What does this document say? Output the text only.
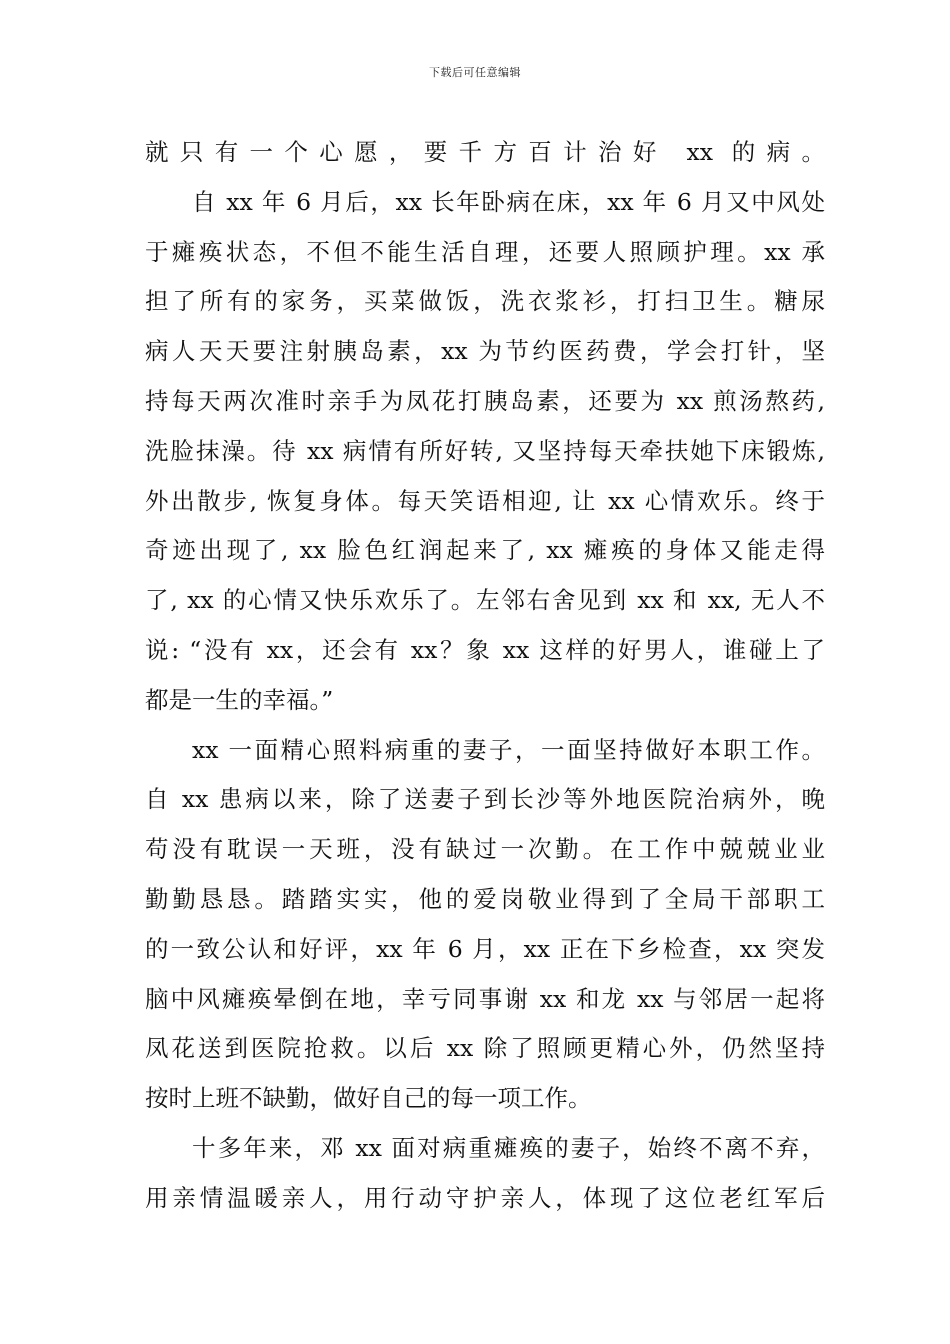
下载后可任意编辑
就只有一个心愿，要千方百计治好 xx 的病。
自 xx 年 6 月后，xx 长年卧病在床，xx 年 6 月又中风处
于瘫痪状态，不但不能生活自理，还要人照顾护理。xx 承
担了所有的家务，买菜做饭，洗衣浆衫，打扫卫生。糖尿
病人天天要注射胰岛素，xx 为节约医药费，学会打针，坚
持每天两次准时亲手为凤花打胰岛素，还要为 xx 煎汤熬药,
洗脸抹澡。待 xx 病情有所好转, 又坚持每天牵扶她下床锻炼,
外出散步, 恢复身体。每天笑语相迎, 让 xx 心情欢乐。终于
奇迹出现了, xx 脸色红润起来了, xx 瘫痪的身体又能走得
了, xx 的心情又快乐欢乐了。左邻右舍见到 xx 和 xx, 无人不
说: “没有 xx，还会有 xx？象 xx 这样的好男人，谁碰上了
都是一生的幸福。”
xx 一面精心照料病重的妻子，一面坚持做好本职工作。
自 xx 患病以来，除了送妻子到长沙等外地医院治病外，晚
苟没有耽误一天班，没有缺过一次勤。在工作中兢兢业业
勤勤恳恳。踏踏实实，他的爱岗敬业得到了全局干部职工
的一致公认和好评，xx 年 6 月，xx 正在下乡检查，xx 突发
脑中风瘫痪晕倒在地，幸亏同事谢 xx 和龙 xx 与邻居一起将
凤花送到医院抢救。以后 xx 除了照顾更精心外，仍然坚持
按时上班不缺勤，做好自己的每一项工作。
十多年来，邓 xx 面对病重瘫痪的妻子，始终不离不弃，
用亲情温暖亲人，用行动守护亲人，体现了这位老红军后
